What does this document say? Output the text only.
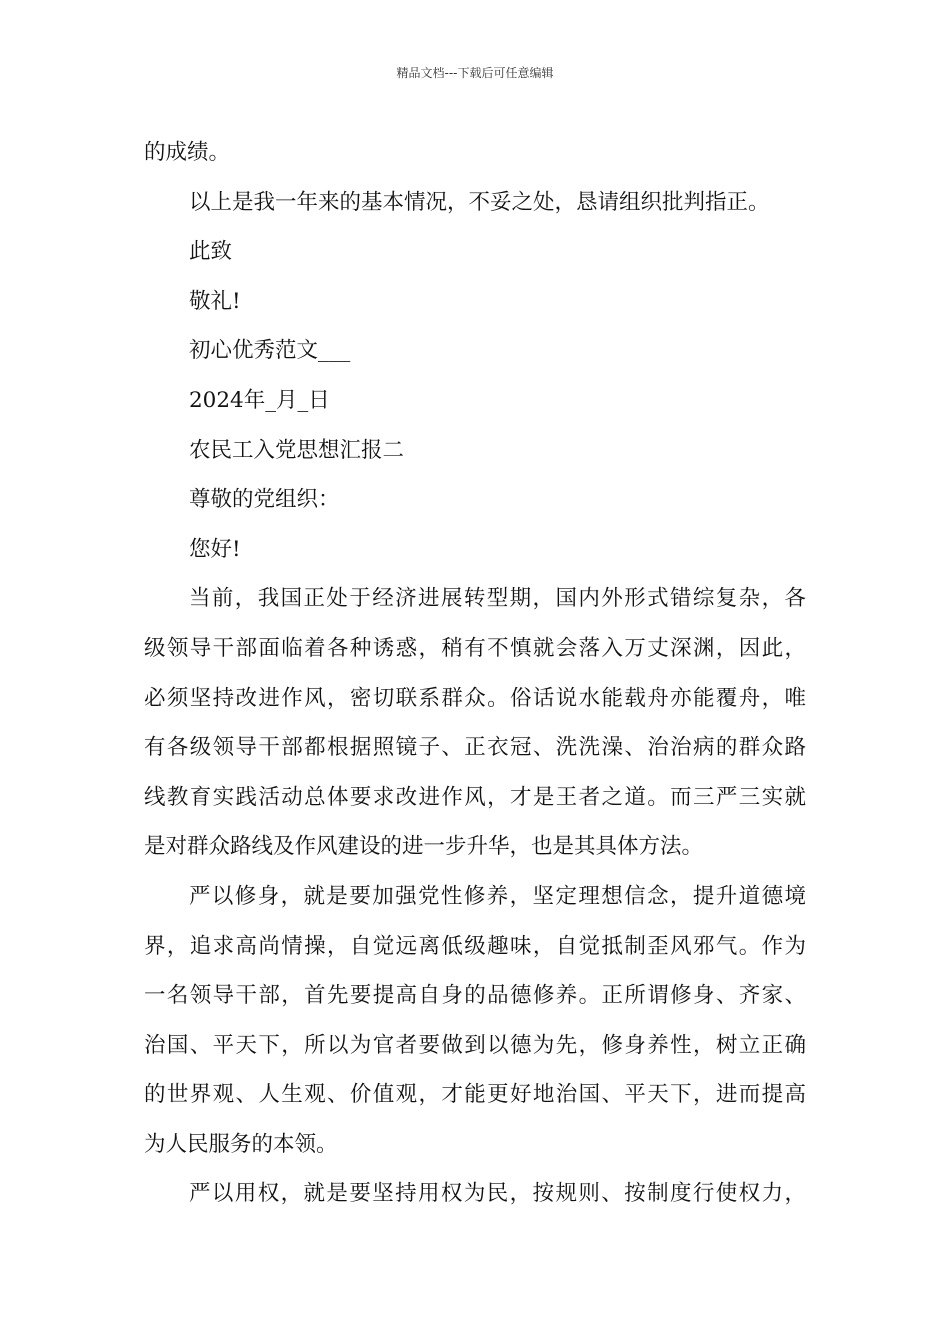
精品文档---下载后可任意编辑
的成绩。
以上是我一年来的基本情况，不妥之处，恳请组织批判指正。
此致
敬礼!
初心优秀范文___
2024年_月_日
农民工入党思想汇报二
尊敬的党组织：
您好!
当前，我国正处于经济进展转型期，国内外形式错综复杂，各
级领导干部面临着各种诱惑，稍有不慎就会落入万丈深渊，因此，
必须坚持改进作风，密切联系群众。俗话说水能载舟亦能覆舟，唯
有各级领导干部都根据照镜子、正衣冠、洗洗澡、治治病的群众路
线教育实践活动总体要求改进作风，才是王者之道。而三严三实就
是对群众路线及作风建设的进一步升华，也是其具体方法。
严以修身，就是要加强党性修养，坚定理想信念，提升道德境
界，追求高尚情操，自觉远离低级趣味，自觉抵制歪风邪气。作为
一名领导干部，首先要提高自身的品德修养。正所谓修身、齐家、
治国、平天下，所以为官者要做到以德为先，修身养性，树立正确
的世界观、人生观、价值观，才能更好地治国、平天下，进而提高
为人民服务的本领。
严以用权，就是要坚持用权为民，按规则、按制度行使权力，
